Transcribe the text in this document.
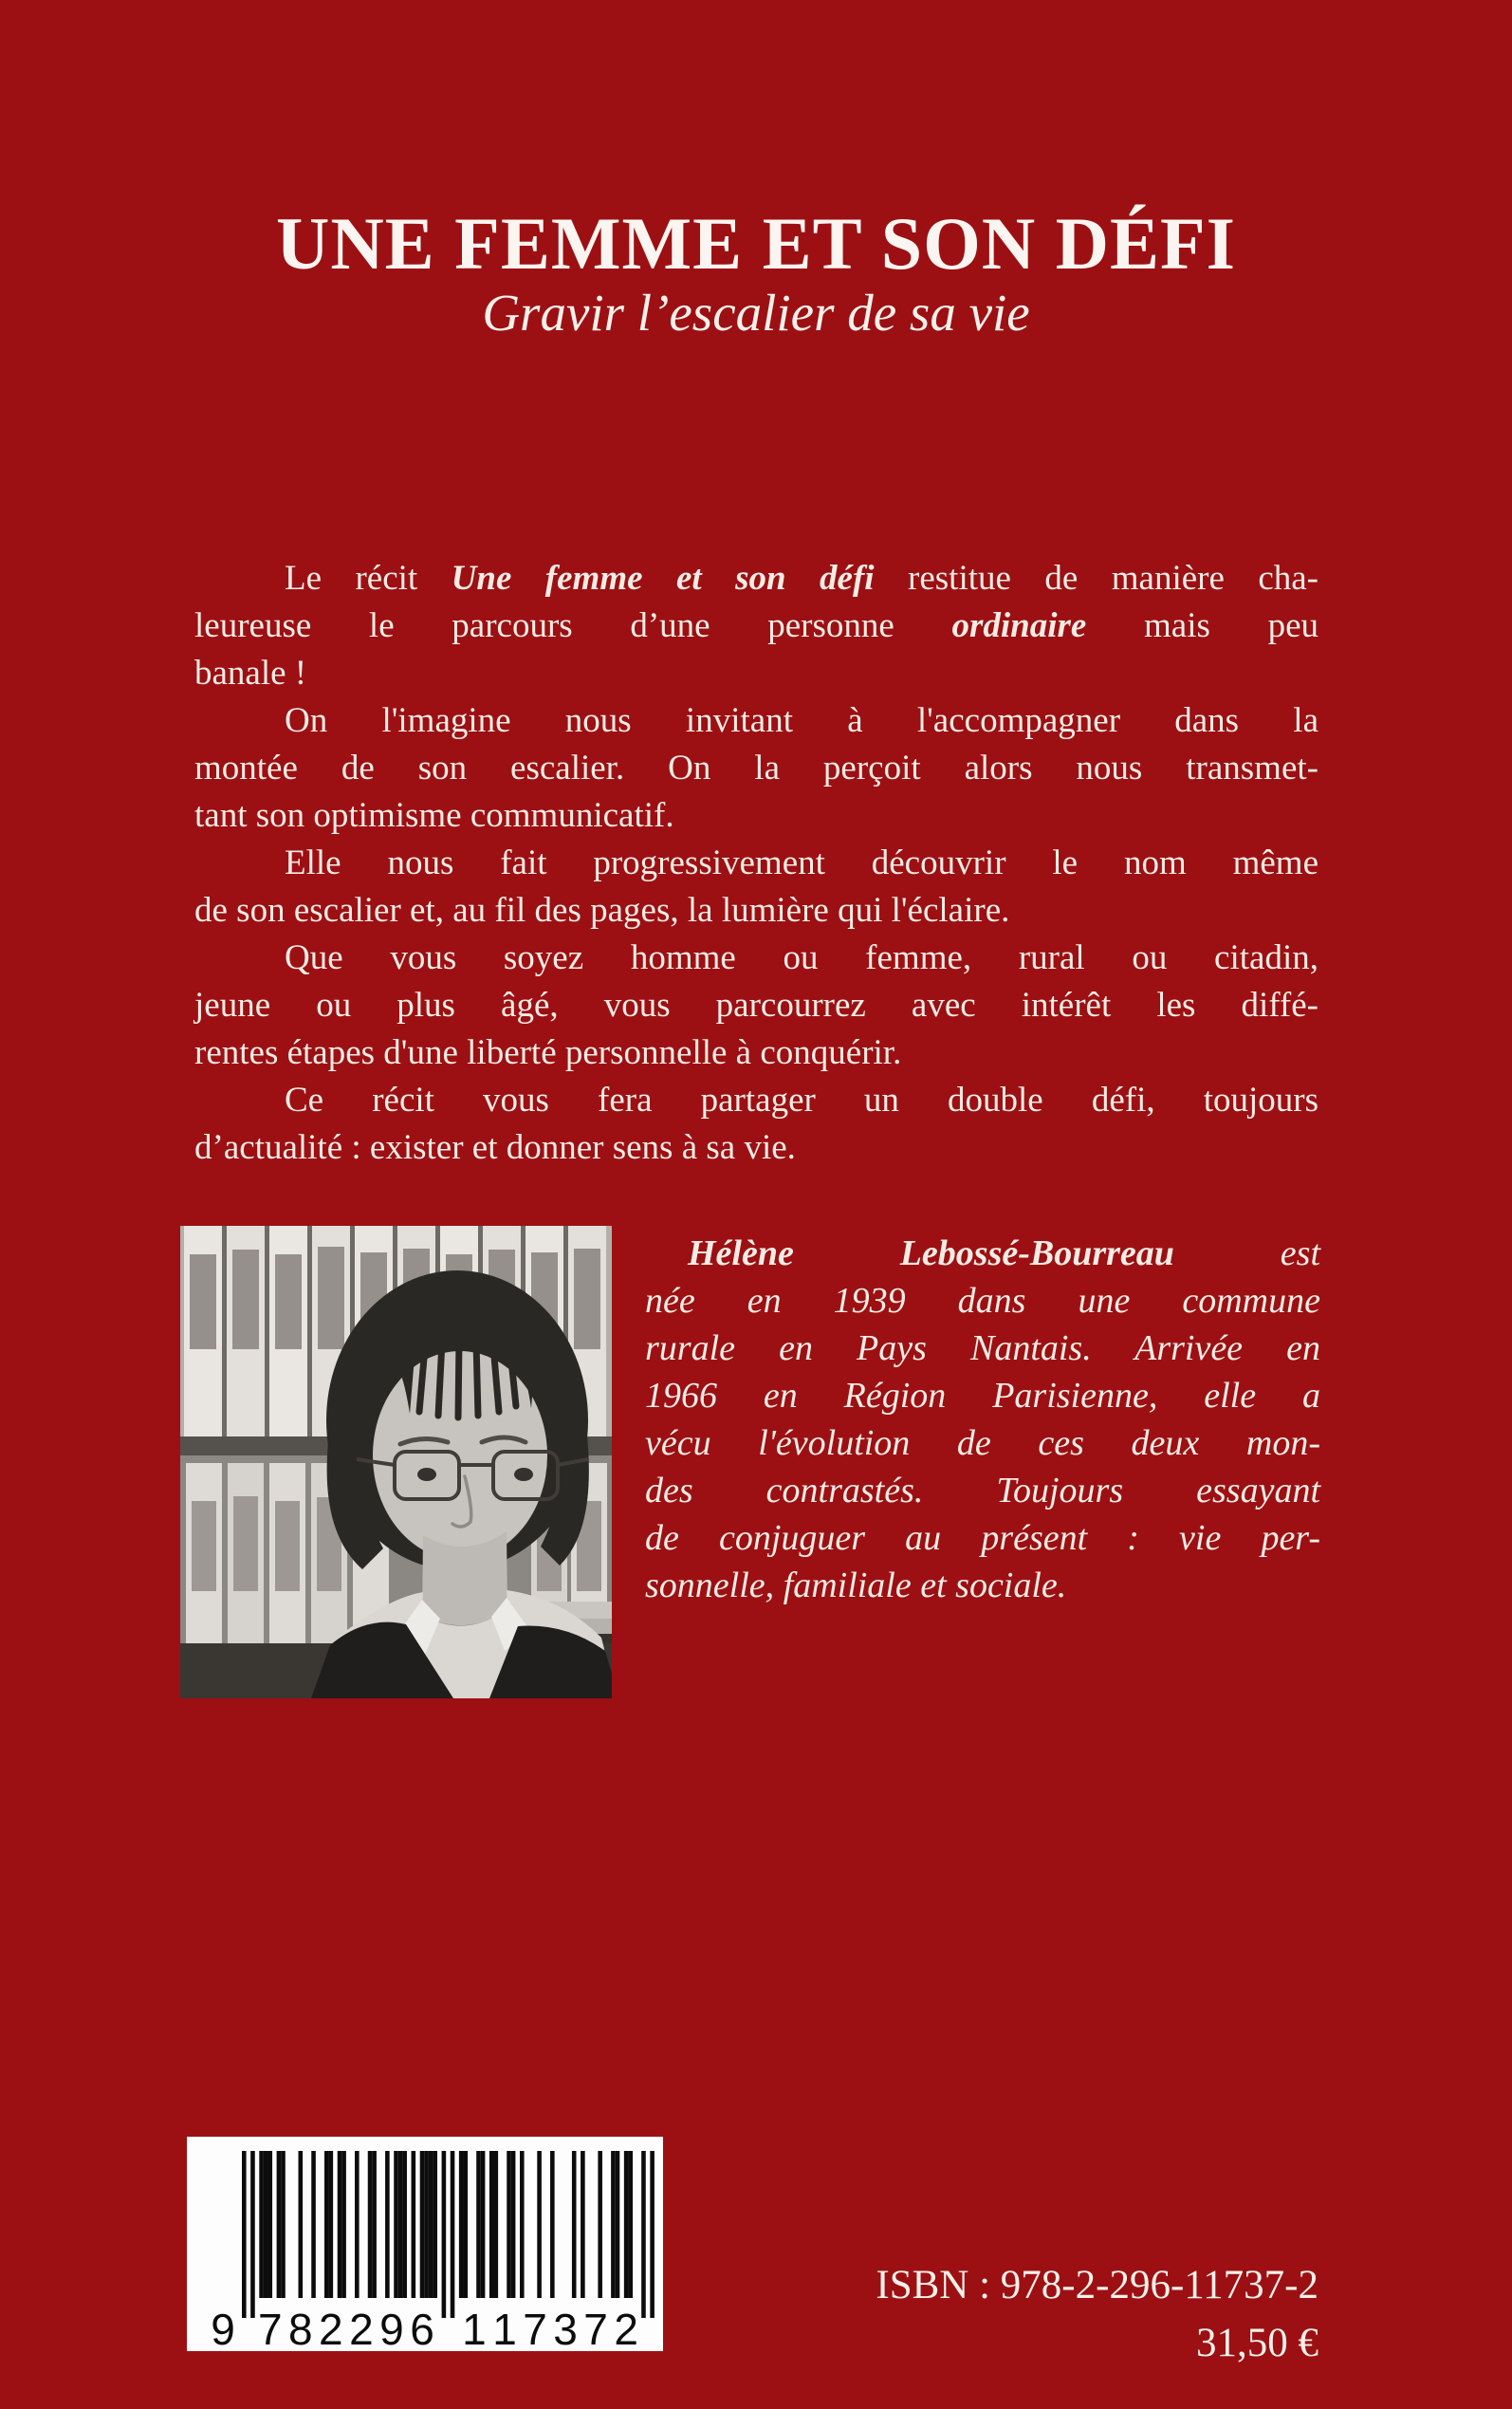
UNE FEMME ET SON DÉFI
Gravir l’escalier de sa vie
Le récit Une femme et son défi restitue de manière cha-
leureuse le parcours d’une personne ordinaire mais peu
banale !
On l'imagine nous invitant à l'accompagner dans la
montée de son escalier. On la perçoit alors nous transmet-
tant son optimisme communicatif.
Elle nous fait progressivement découvrir le nom même
de son escalier et, au fil des pages, la lumière qui l'éclaire.
Que vous soyez homme ou femme, rural ou citadin,
jeune ou plus âgé, vous parcourrez avec intérêt les diffé-
rentes étapes d'une liberté personnelle à conquérir.
Ce récit vous fera partager un double défi, toujours
d’actualité : exister et donner sens à sa vie.
Hélène Lebossé-Bourreau est
née en 1939 dans une commune
rurale en Pays Nantais. Arrivée en
1966 en Région Parisienne, elle a
vécu l'évolution de ces deux mon-
des contrastés. Toujours essayant
de conjuguer au présent : vie per-
sonnelle, familiale et sociale.
9 7 8 2 2 9 6 1 1 7 3 7 2
ISBN : 978-2-296-11737-2
31,50 €
